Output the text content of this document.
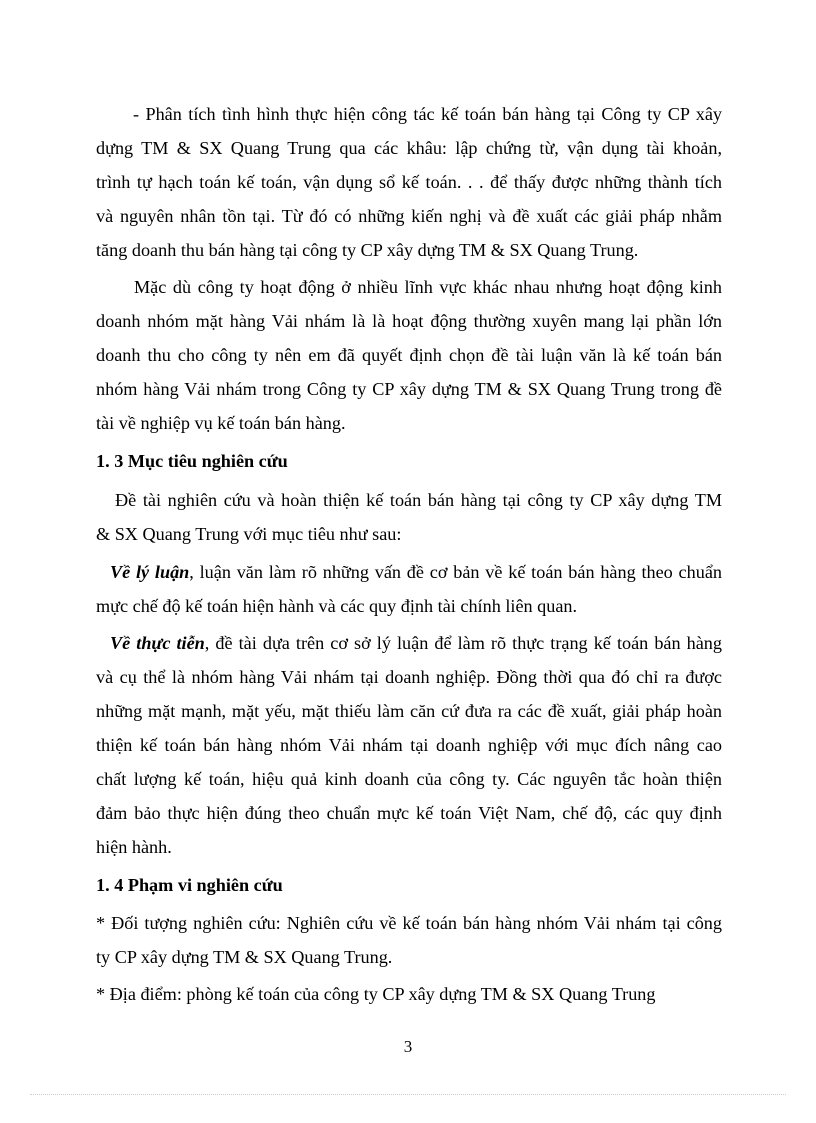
- Phân tích tình hình thực hiện công tác kế toán bán hàng tại Công ty CP xây
dựng TM & SX Quang Trung qua các khâu: lập chứng từ, vận dụng tài khoản,
trình tự hạch toán kế toán, vận dụng sổ kế toán. . . để thấy được những thành tích
và nguyên nhân tồn tại. Từ đó có những kiến nghị và đề xuất các giải pháp nhằm
tăng doanh thu bán hàng tại công ty CP xây dựng TM & SX Quang Trung.
Mặc dù công ty hoạt động ở nhiều lĩnh vực khác nhau nhưng hoạt động kinh
doanh nhóm mặt hàng Vải nhám là là hoạt động thường xuyên mang lại phần lớn
doanh thu cho công ty nên em đã quyết định chọn đề tài luận văn là kế toán bán
nhóm hàng Vải nhám trong Công ty CP xây dựng TM & SX Quang Trung trong đề
tài về nghiệp vụ kế toán bán hàng.
1. 3 Mục tiêu nghiên cứu
Đề tài nghiên cứu và hoàn thiện kế toán bán hàng tại công ty CP xây dựng TM
& SX Quang Trung với mục tiêu như sau:
Về lý luận, luận văn làm rõ những vấn đề cơ bản về kế toán bán hàng theo chuẩn
mực chế độ kế toán hiện hành và các quy định tài chính liên quan.
Về thực tiễn, đề tài dựa trên cơ sở lý luận để làm rõ thực trạng kế toán bán hàng
và cụ thể là nhóm hàng Vải nhám tại doanh nghiệp. Đồng thời qua đó chỉ ra được
những mặt mạnh, mặt yếu, mặt thiếu làm căn cứ đưa ra các đề xuất, giải pháp hoàn
thiện kế toán bán hàng nhóm Vải nhám tại doanh nghiệp với mục đích nâng cao
chất lượng kế toán, hiệu quả kinh doanh của công ty. Các nguyên tắc hoàn thiện
đảm bảo thực hiện đúng theo chuẩn mực kế toán Việt Nam, chế độ, các quy định
hiện hành.
1. 4 Phạm vi nghiên cứu
* Đối tượng nghiên cứu: Nghiên cứu về kế toán bán hàng nhóm Vải nhám tại công
ty CP xây dựng TM & SX Quang Trung.
* Địa điểm: phòng kế toán của công ty CP xây dựng TM & SX Quang Trung
3
